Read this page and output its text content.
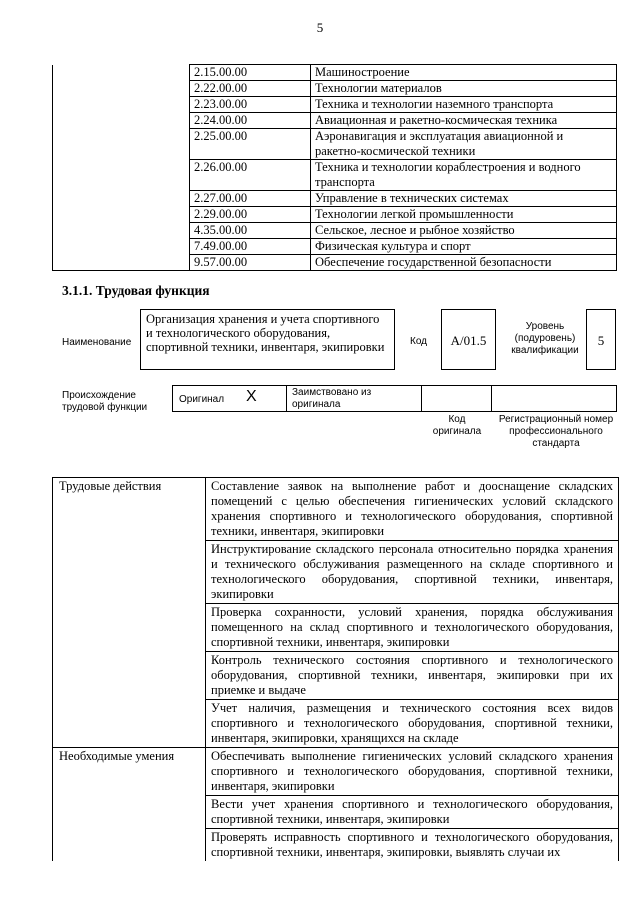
5
	2.15.00.00	Машиностроение
	2.22.00.00	Технологии материалов
	2.23.00.00	Техника и технологии наземного транспорта
	2.24.00.00	Авиационная и ракетно-космическая техника
	2.25.00.00	Аэронавигация и эксплуатация авиационной и ракетно-космической техники
	2.26.00.00	Техника и технологии кораблестроения и водного транспорта
	2.27.00.00	Управление в технических системах
	2.29.00.00	Технологии легкой промышленности
	4.35.00.00	Сельское, лесное и рыбное хозяйство
	7.49.00.00	Физическая культура и спорт
	9.57.00.00	Обеспечение государственной безопасности
3.1.1. Трудовая функция
Наименование
Организация хранения и учета спортивного и технологического оборудования, спортивной техники, инвентаря, экипировки	Код	A/01.5
Уровень (подуровень) квалификации
5
Происхождение трудовой функции
Оригинал X	Заимствовано из оригинала
Код оригинала
Регистрационный номер профессионального стандарта
Трудовые действия	Составление заявок на выполнение работ и дооснащение складских помещений с целью обеспечения гигиенических условий складского хранения спортивного и технологического оборудования, спортивной техники, инвентаря, экипировки
	Инструктирование складского персонала относительно порядка хранения и технического обслуживания размещенного на складе спортивного и технологического оборудования, спортивной техники, инвентаря, экипировки
	Проверка сохранности, условий хранения, порядка обслуживания помещенного на склад спортивного и технологического оборудования, спортивной техники, инвентаря, экипировки
	Контроль технического состояния спортивного и технологического оборудования, спортивной техники, инвентаря, экипировки при их приемке и выдаче
	Учет наличия, размещения и технического состояния всех видов спортивного и технологического оборудования, спортивной техники, инвентаря, экипировки, хранящихся на складе
Необходимые умения	Обеспечивать выполнение гигиенических условий складского хранения спортивного и технологического оборудования, спортивной техники, инвентаря, экипировки
	Вести учет хранения спортивного и технологического оборудования, спортивной техники, инвентаря, экипировки
	Проверять исправность спортивного и технологического оборудования, спортивной техники, инвентаря, экипировки, выявлять случаи их
